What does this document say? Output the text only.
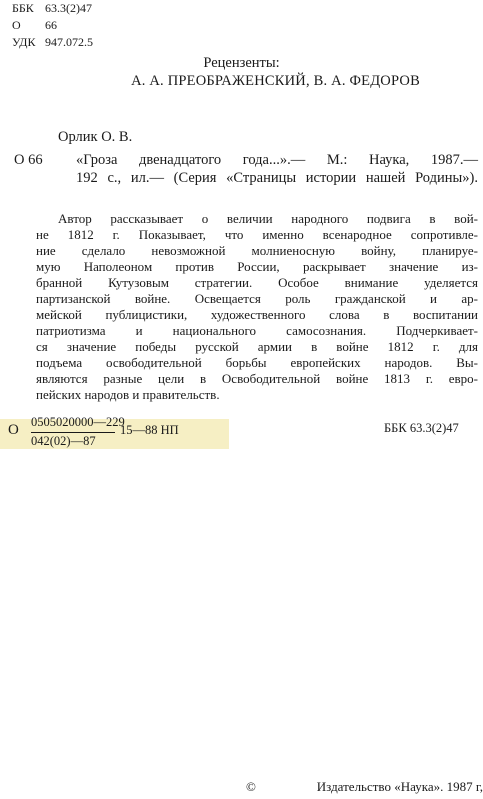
ББК 63.3(2)47
О 66
УДК 947.072.5
Рецензенты:
А. А. ПРЕОБРАЖЕНСКИЙ, В. А. ФЕДОРОВ
Орлик О. В.
О 66 «Гроза двенадцатого года...».— М.: Наука, 1987.—
192 с., ил.— (Серия «Страницы истории нашей Родины»).
Автор рассказывает о величии народного подвига в вой-
не 1812 г. Показывает, что именно всенародное сопротивле-
ние сделало невозможной молниеносную войну, планируе-
мую Наполеоном против России, раскрывает значение из-
бранной Кутузовым стратегии. Особое внимание уделяется
партизанской войне. Освещается роль гражданской и ар-
мейской публицистики, художественного слова в воспитании
патриотизма и национального самосознания. Подчеркивает-
ся значение победы русской армии в войне 1812 г. для
подъема освободительной борьбы европейских народов. Вы-
являются разные цели в Освободительной войне 1813 г. евро-
пейских народов и правительств.
О 0505020000—229
042(02)—87
15—88 НП	ББК 63.3(2)47
©	Издательство «Наука». 1987 г,
